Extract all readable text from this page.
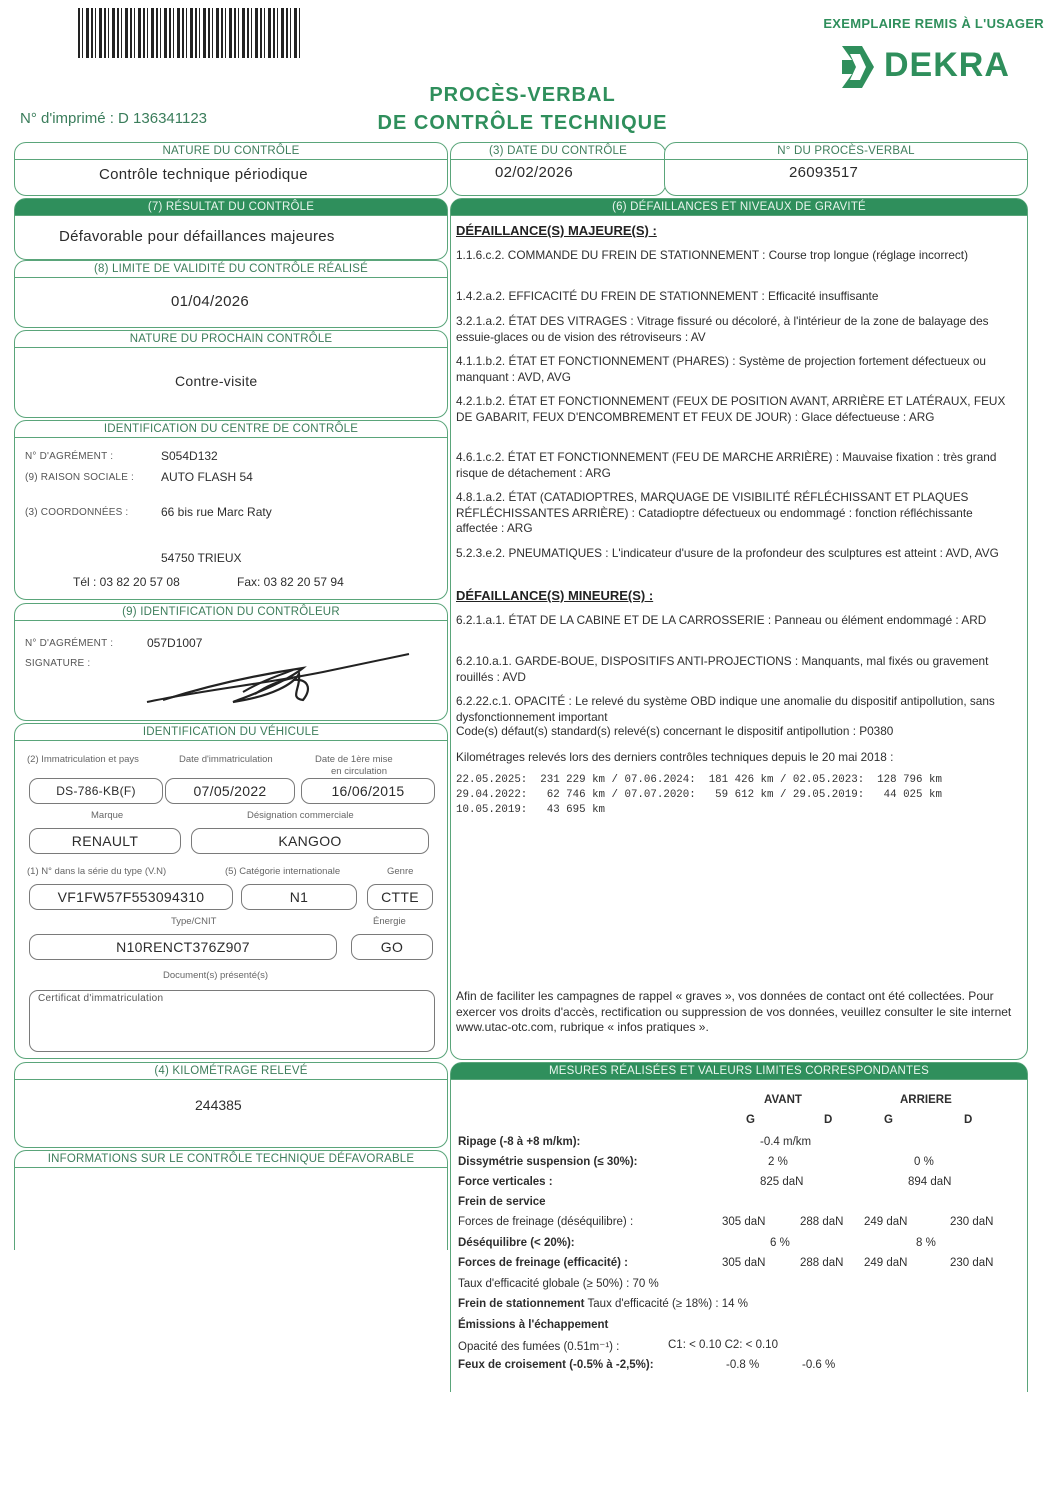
EXEMPLAIRE REMIS À L'USAGER
DEKRA
PROCÈS-VERBAL
DE CONTRÔLE TECHNIQUE
N° d'imprimé : D 136341123
NATURE DU CONTRÔLE
Contrôle technique périodique
(3) DATE DU CONTRÔLE
02/02/2026
N° DU PROCÈS-VERBAL
26093517
(7) RÉSULTAT DU CONTRÔLE
Défavorable pour défaillances majeures
(8) LIMITE DE VALIDITÉ DU CONTRÔLE RÉALISÉ
01/04/2026
NATURE DU PROCHAIN CONTRÔLE
Contre-visite
IDENTIFICATION DU CENTRE DE CONTRÔLE
N° D'AGRÉMENT :	S054D132
(9) RAISON SOCIALE : AUTO FLASH 54
(3) COORDONNÉES :	66 bis rue Marc Raty
54750 TRIEUX
Tél : 03 82 20 57 08	Fax: 03 82 20 57 94
(9) IDENTIFICATION DU CONTRÔLEUR
N° D'AGRÉMENT :	057D1007
SIGNATURE :
IDENTIFICATION DU VÉHICULE
(2) Immatriculation et pays	Date d'immatriculation	Date de 1ère mise
en circulation
DS-786-KB(F)	07/05/2022	16/06/2015
Marque	Désignation commerciale
RENAULT	KANGOO
(1) N° dans la série du type (V.N)	(5) Catégorie internationale	Genre
VF1FW57F553094310	N1	CTTE
Type/CNIT	Énergie
N10RENCT376Z907	GO
Document(s) présenté(s)
Certificat d'immatriculation
(4) KILOMÉTRAGE RELEVÉ
244385
INFORMATIONS SUR LE CONTRÔLE TECHNIQUE DÉFAVORABLE
(6) DÉFAILLANCES ET NIVEAUX DE GRAVITÉ
DÉFAILLANCE(S) MAJEURE(S) :
1.1.6.c.2. COMMANDE DU FREIN DE STATIONNEMENT : Course trop longue (réglage incorrect)
1.4.2.a.2. EFFICACITÉ DU FREIN DE STATIONNEMENT : Efficacité insuffisante
3.2.1.a.2. ÉTAT DES VITRAGES : Vitrage fissuré ou décoloré, à l'intérieur de la zone de balayage des essuie-glaces ou de vision des rétroviseurs : AV
4.1.1.b.2. ÉTAT ET FONCTIONNEMENT (PHARES) : Système de projection fortement défectueux ou manquant : AVD, AVG
4.2.1.b.2. ÉTAT ET FONCTIONNEMENT (FEUX DE POSITION AVANT, ARRIÈRE ET LATÉRAUX, FEUX DE GABARIT, FEUX D'ENCOMBREMENT ET FEUX DE JOUR) : Glace défectueuse : ARG
4.6.1.c.2. ÉTAT ET FONCTIONNEMENT (FEU DE MARCHE ARRIÈRE) : Mauvaise fixation : très grand risque de détachement : ARG
4.8.1.a.2. ÉTAT (CATADIOPTRES, MARQUAGE DE VISIBILITÉ RÉFLÉCHISSANT ET PLAQUES RÉFLÉCHISSANTES ARRIÈRE) : Catadioptre défectueux ou endommagé : fonction réfléchissante affectée : ARG
5.2.3.e.2. PNEUMATIQUES : L'indicateur d'usure de la profondeur des sculptures est atteint : AVD, AVG
DÉFAILLANCE(S) MINEURE(S) :
6.2.1.a.1. ÉTAT DE LA CABINE ET DE LA CARROSSERIE : Panneau ou élément endommagé : ARD
6.2.10.a.1. GARDE-BOUE, DISPOSITIFS ANTI-PROJECTIONS : Manquants, mal fixés ou gravement rouillés : AVD
6.2.22.c.1. OPACITÉ : Le relevé du système OBD indique une anomalie du dispositif antipollution, sans dysfonctionnement important
Code(s) défaut(s) standard(s) relevé(s) concernant le dispositif antipollution : P0380
Kilométrages relevés lors des derniers contrôles techniques depuis le 20 mai 2018 :
22.05.2025:  231 229 km / 07.06.2024:  181 426 km / 02.05.2023:  128 796 km
29.04.2022:   62 746 km / 07.07.2020:   59 612 km / 29.05.2019:   44 025 km
10.05.2019:   43 695 km
Afin de faciliter les campagnes de rappel « graves », vos données de contact ont été collectées. Pour exercer vos droits d'accès, rectification ou suppression de vos données, veuillez consulter le site internet www.utac-otc.com, rubrique « infos pratiques ».
MESURES RÉALISÉES ET VALEURS LIMITES CORRESPONDANTES
AVANT	ARRIERE
G	D	G	D
Ripage (-8 à +8 m/km):	-0.4 m/km
Dissymétrie suspension (≤ 30%):	2 %	0 %
Force verticales :	825 daN	894 daN
Frein de service
Forces de freinage (déséquilibre) :	305 daN	288 daN 249 daN	230 daN
Déséquilibre (< 20%):	6 %	8 %
Forces de freinage (efficacité) :	305 daN	288 daN 249 daN	230 daN
Taux d'efficacité globale (≥ 50%) : 70 %
Frein de stationnement Taux d'efficacité (≥ 18%) : 14 %
Émissions à l'échappement
Opacité des fumées (0.51m⁻¹) :	C1: < 0.10 C2: < 0.10
Feux de croisement (-0.5% à -2,5%):	-0.8 %	-0.6 %
